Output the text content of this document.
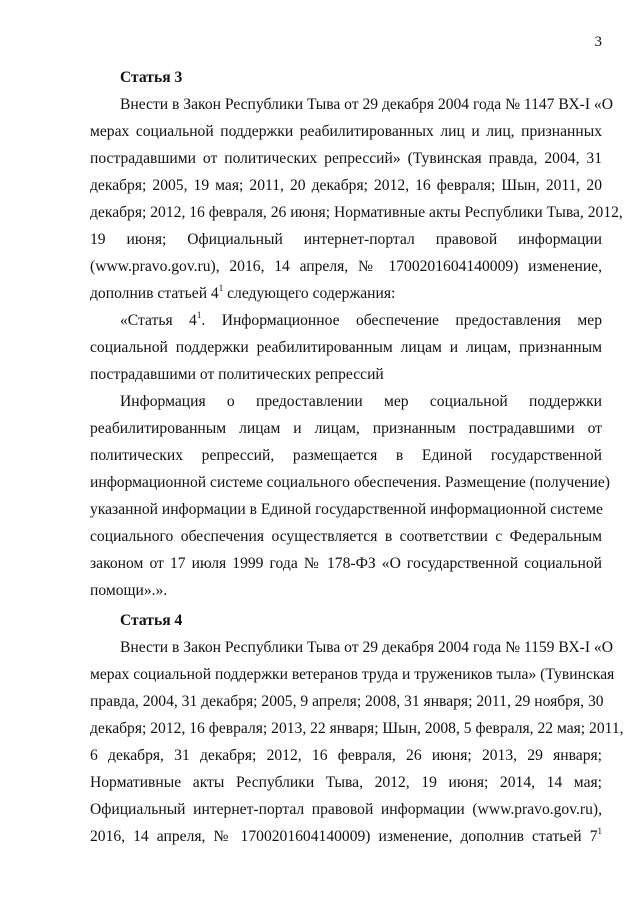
3
Статья 3
Внести в Закон Республики Тыва от 29 декабря 2004 года № 1147 ВХ-I «О
мерах социальной поддержки реабилитированных лиц и лиц, признанных
пострадавшими от политических репрессий» (Тувинская правда, 2004, 31
декабря; 2005, 19 мая; 2011, 20 декабря; 2012, 16 февраля; Шын, 2011, 20
декабря; 2012, 16 февраля, 26 июня; Нормативные акты Республики Тыва, 2012,
19 июня; Официальный интернет-портал правовой информации
(www.pravo.gov.ru), 2016, 14 апреля, № 1700201604140009) изменение,
дополнив статьей $4^1$ следующего содержания:
«Статья $4^1$. Информационное обеспечение предоставления мер
социальной поддержки реабилитированным лицам и лицам, признанным
пострадавшими от политических репрессий
Информация о предоставлении мер социальной поддержки
реабилитированным лицам и лицам, признанным пострадавшими от
политических репрессий, размещается в Единой государственной
информационной системе социального обеспечения. Размещение (получение)
указанной информации в Единой государственной информационной системе
социального обеспечения осуществляется в соответствии с Федеральным
законом от 17 июля 1999 года № 178-ФЗ «О государственной социальной
помощи».».
Статья 4
Внести в Закон Республики Тыва от 29 декабря 2004 года № 1159 ВХ-I «О
мерах социальной поддержки ветеранов труда и тружеников тыла» (Тувинская
правда, 2004, 31 декабря; 2005, 9 апреля; 2008, 31 января; 2011, 29 ноября, 30
декабря; 2012, 16 февраля; 2013, 22 января; Шын, 2008, 5 февраля, 22 мая; 2011,
6 декабря, 31 декабря; 2012, 16 февраля, 26 июня; 2013, 29 января;
Нормативные акты Республики Тыва, 2012, 19 июня; 2014, 14 мая;
Официальный интернет-портал правовой информации (www.pravo.gov.ru),
2016, 14 апреля, № 1700201604140009) изменение, дополнив статьей $7^1$
